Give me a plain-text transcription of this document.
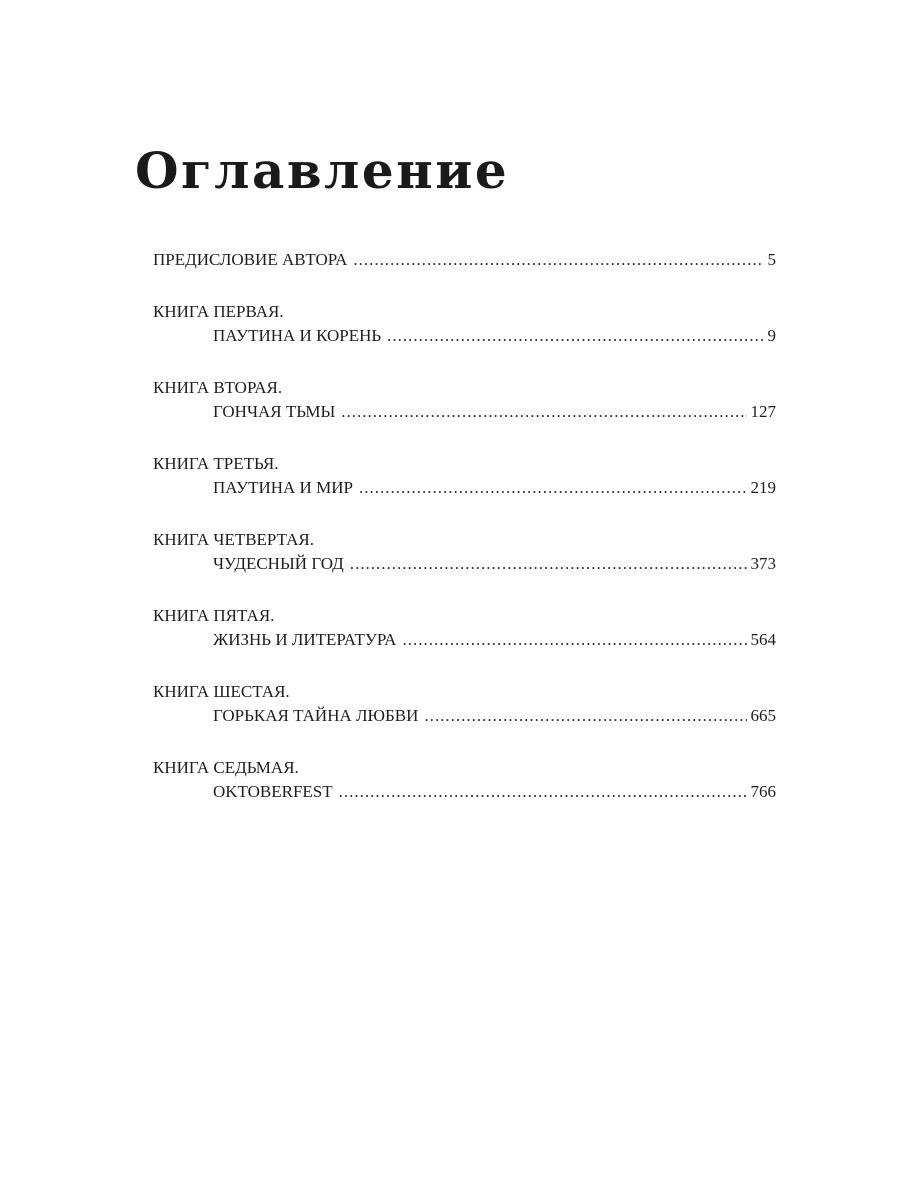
Оглавление
ПРЕДИСЛОВИЕ АВТОРА .....	5
КНИГА ПЕРВАЯ.
ПАУТИНА И КОРЕНЬ .....	9
КНИГА ВТОРАЯ.
ГОНЧАЯ ТЬМЫ .....	127
КНИГА ТРЕТЬЯ.
ПАУТИНА И МИР .....	219
КНИГА ЧЕТВЕРТАЯ.
ЧУДЕСНЫЙ ГОД .....	373
КНИГА ПЯТАЯ.
ЖИЗНЬ И ЛИТЕРАТУРА .....	564
КНИГА ШЕСТАЯ.
ГОРЬКАЯ ТАЙНА ЛЮБВИ .....	665
КНИГА СЕДЬМАЯ.
OKTOBERFEST .....	766
